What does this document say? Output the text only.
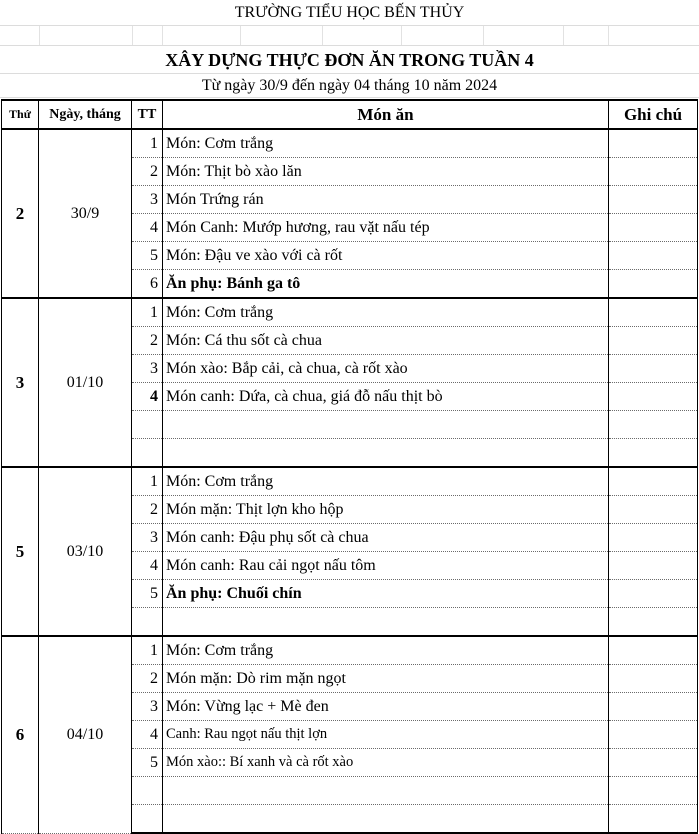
TRƯỜNG TIỂU HỌC BẾN THỦY
XÂY DỰNG THỰC ĐƠN ĂN TRONG TUẦN 4
Từ ngày 30/9 đến ngày 04 tháng 10 năm 2024
Thứ	Ngày, tháng	TT	Món ăn	Ghi chú
2	30/9	1	Món: Cơm trắng	
		2	Món: Thịt bò xào lăn	
		3	Món Trứng rán	
		4	Món Canh: Mướp hương, rau vặt nấu tép	
		5	Món: Đậu ve xào với cà rốt	
		6	Ăn phụ: Bánh ga tô	
3	01/10	1	Món: Cơm trắng	
		2	Món: Cá thu sốt cà chua	
		3	Món xào: Bắp cải, cà chua, cà rốt xào	
		4	Món canh: Dứa, cà chua, giá đỗ nấu thịt bò	

5	03/10	1	Món: Cơm trắng	
		2	Món mặn: Thịt lợn kho hộp	
		3	Món canh: Đậu phụ sốt cà chua	
		4	Món canh: Rau cải ngọt nấu tôm	
		5	Ăn phụ: Chuối chín	

6	04/10	1	Món: Cơm trắng	
		2	Món mặn: Dò rim mặn ngọt	
		3	Món: Vừng lạc + Mè đen	
		4	Canh: Rau ngọt nấu thịt lợn	
		5	Món xào:: Bí xanh và cà rốt xào	
